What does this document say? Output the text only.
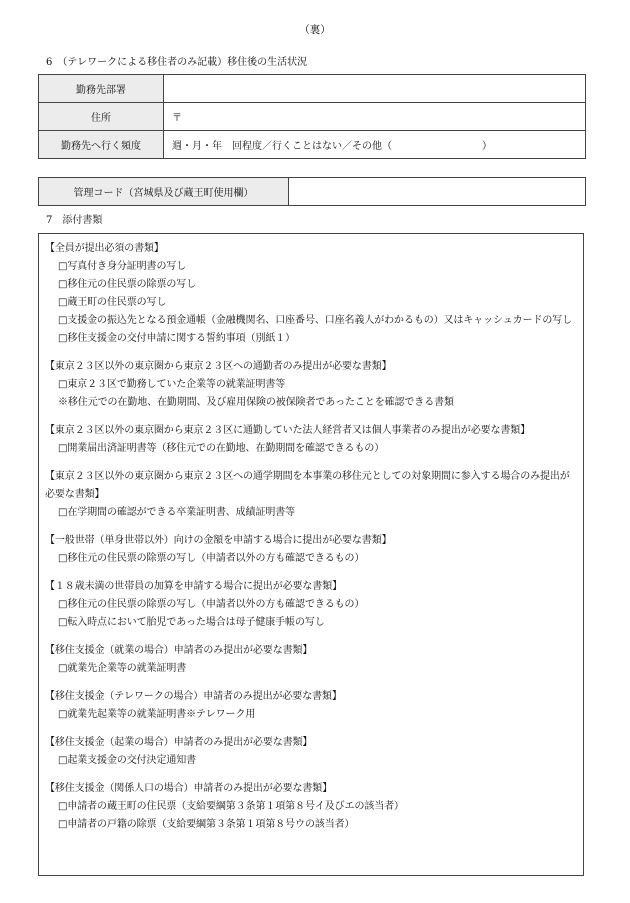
（裏）
6　（テレワークによる移住者のみ記載）移住後の生活状況
勤務先部署	
住所	〒
勤務先へ行く頻度	週・月・年　回程度／行くことはない／その他（　　　　　　　　　）
管理コード（宮城県及び蔵王町使用欄）	
7　添付書類
【全員が提出必須の書類】
□写真付き身分証明書の写し
□移住元の住民票の除票の写し
□蔵王町の住民票の写し
□支援金の振込先となる預金通帳（金融機関名、口座番号、口座名義人がわかるもの）又はキャッシュカードの写し
□移住支援金の交付申請に関する誓約事項（別紙１）
【東京２３区以外の東京圏から東京２３区への通勤者のみ提出が必要な書類】
□東京２３区で勤務していた企業等の就業証明書等
※移住元での在勤地、在勤期間、及び雇用保険の被保険者であったことを確認できる書類
【東京２３区以外の東京圏から東京２３区に通勤していた法人経営者又は個人事業者のみ提出が必要な書類】
□開業届出済証明書等（移住元での在勤地、在勤期間を確認できるもの）
【東京２３区以外の東京圏から東京２３区への通学期間を本事業の移住元としての対象期間に参入する場合のみ提出が必要な書類】
□在学期間の確認ができる卒業証明書、成績証明書等
【一般世帯（単身世帯以外）向けの金額を申請する場合に提出が必要な書類】
□移住元の住民票の除票の写し（申請者以外の方も確認できるもの）
【１８歳未満の世帯員の加算を申請する場合に提出が必要な書類】
□移住元の住民票の除票の写し（申請者以外の方も確認できるもの）
□転入時点において胎児であった場合は母子健康手帳の写し
【移住支援金（就業の場合）申請者のみ提出が必要な書類】
□就業先企業等の就業証明書
【移住支援金（テレワークの場合）申請者のみ提出が必要な書類】
□就業先起業等の就業証明書※テレワーク用
【移住支援金（起業の場合）申請者のみ提出が必要な書類】
□起業支援金の交付決定通知書
【移住支援金（関係人口の場合）申請者のみ提出が必要な書類】
□申請者の蔵王町の住民票（支給要綱第３条第１項第８号イ及びエの該当者）
□申請者の戸籍の除票（支給要綱第３条第１項第８号ウの該当者）
